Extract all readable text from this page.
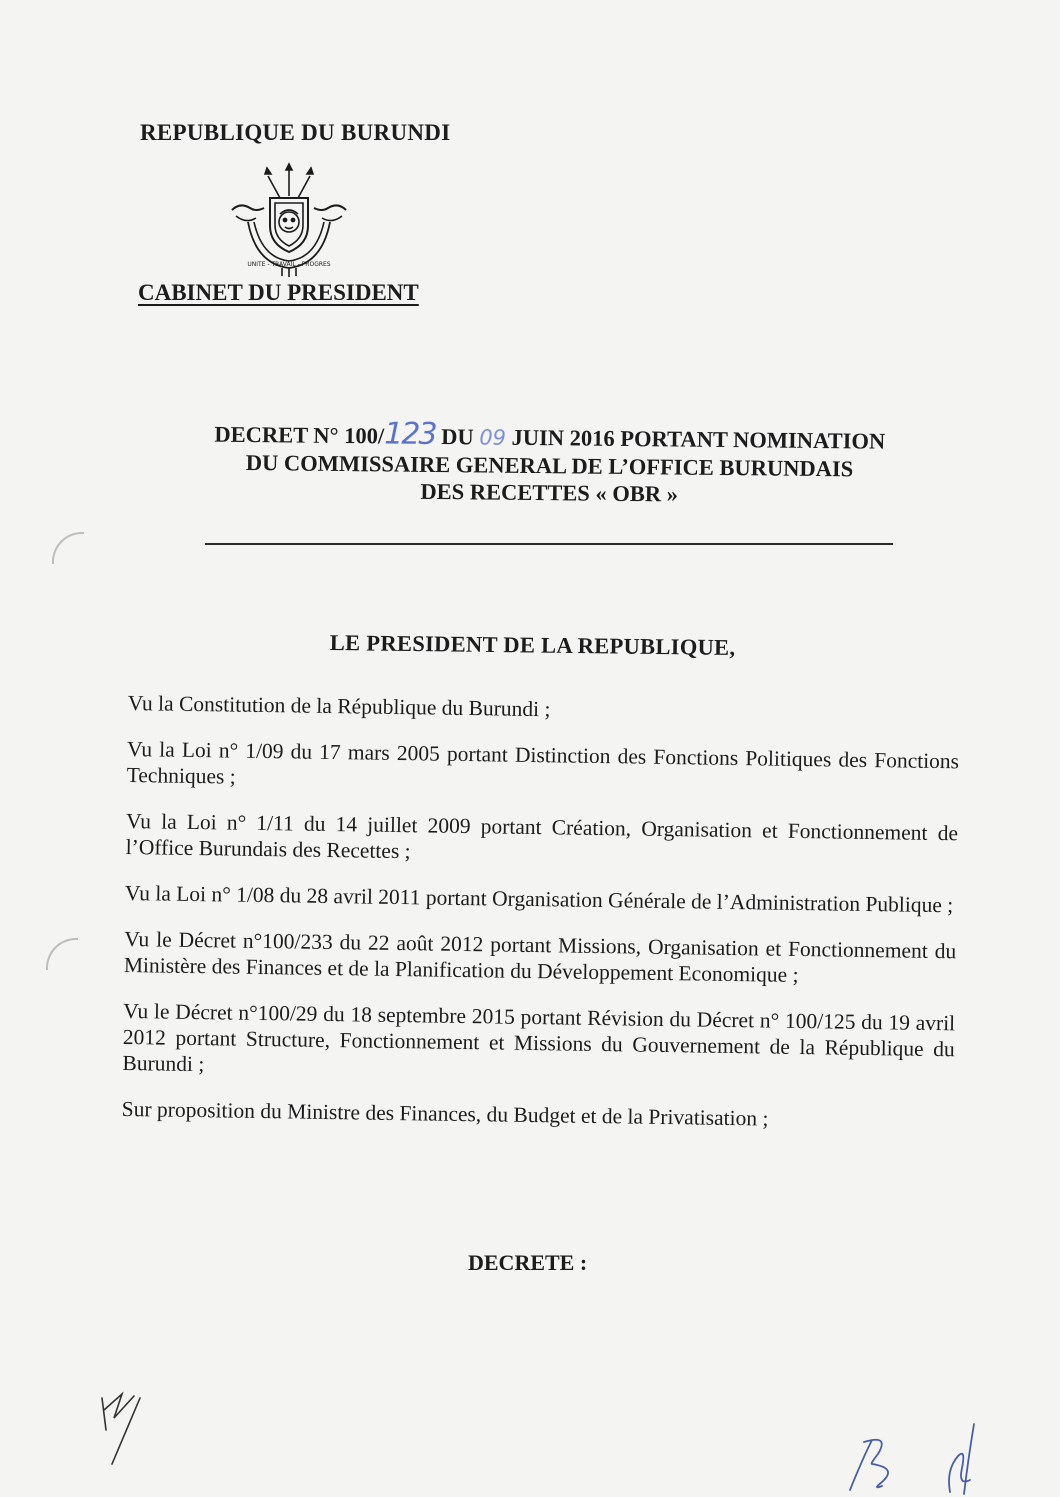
REPUBLIQUE DU BURUNDI
UNITE - TRAVAIL - PROGRES
CABINET DU PRESIDENT
DECRET N° 100/123 DU 09 JUIN 2016 PORTANT NOMINATION
DU COMMISSAIRE GENERAL DE L’OFFICE BURUNDAIS
DES RECETTES « OBR »
LE PRESIDENT DE LA REPUBLIQUE,

Vu la Constitution de la République du Burundi ;

Vu la Loi n° 1/09 du 17 mars 2005 portant Distinction des Fonctions Politiques des Fonctions Techniques ;

Vu la Loi n° 1/11 du 14 juillet 2009 portant Création, Organisation et Fonctionnement de l’Office Burundais des Recettes ;

Vu la Loi n° 1/08 du 28 avril 2011 portant Organisation Générale de l’Administration Publique ;

Vu le Décret n°100/233 du 22 août 2012 portant Missions, Organisation et Fonctionnement du Ministère des Finances et de la Planification du Développement Economique ;

Vu le Décret n°100/29 du 18 septembre 2015 portant Révision du Décret n° 100/125 du 19 avril 2012 portant Structure, Fonctionnement et Missions du Gouvernement de la République du Burundi ;

Sur proposition du Ministre des Finances, du Budget et de la Privatisation ;

DECRETE :
